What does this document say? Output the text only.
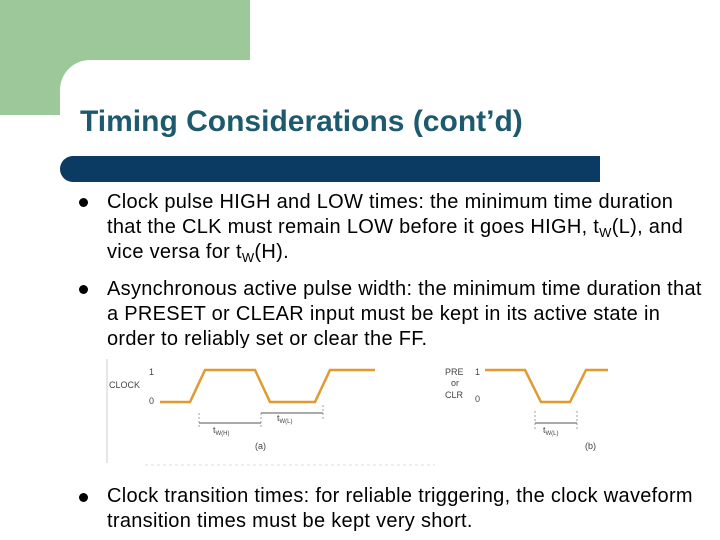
Timing Considerations (cont’d)
Clock pulse HIGH and LOW times: the minimum time duration that the CLK must remain LOW before it goes HIGH, $t_W(L)$, and vice versa for $t_W(H)$.
Asynchronous active pulse width: the minimum time duration that a PRESET or CLEAR input must be kept in its active state in order to reliably set or clear the FF.
CLOCK
1
0
$t_{W(H)}$
$t_{W(L)}$
(a)
PRE
or
CLR
1
0
$t_{W(L)}$
(b)
Clock transition times: for reliable triggering, the clock waveform transition times must be kept very short.
